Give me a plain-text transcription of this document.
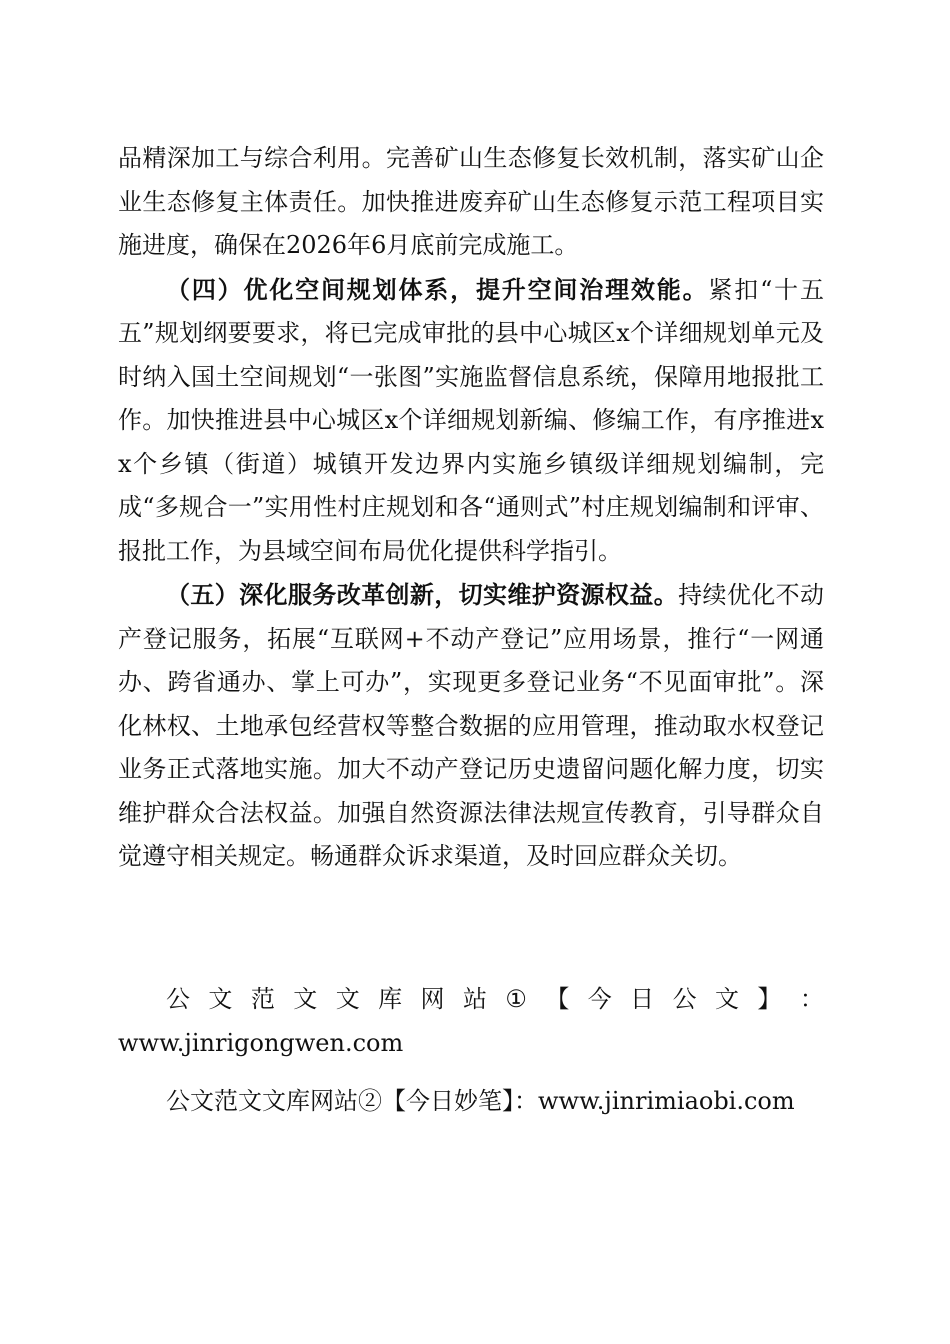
品精深加工与综合利用。完善矿山生态修复长效机制，落实矿山企业生态修复主体责任。加快推进废弃矿山生态修复示范工程项目实施进度，确保在2026年6月底前完成施工。

（四）优化空间规划体系，提升空间治理效能。紧扣“十五五”规划纲要要求，将已完成审批的县中心城区x个详细规划单元及时纳入国土空间规划“一张图”实施监督信息系统，保障用地报批工作。加快推进县中心城区x个详细规划新编、修编工作，有序推进xx个乡镇（街道）城镇开发边界内实施乡镇级详细规划编制，完成“多规合一”实用性村庄规划和各“通则式”村庄规划编制和评审、报批工作，为县域空间布局优化提供科学指引。

（五）深化服务改革创新，切实维护资源权益。持续优化不动产登记服务，拓展“互联网+不动产登记”应用场景，推行“一网通办、跨省通办、掌上可办”，实现更多登记业务“不见面审批”。深化林权、土地承包经营权等整合数据的应用管理，推动取水权登记业务正式落地实施。加大不动产登记历史遗留问题化解力度，切实维护群众合法权益。加强自然资源法律法规宣传教育，引导群众自觉遵守相关规定。畅通群众诉求渠道，及时回应群众关切。

公 文 范 文 文 库 网 站 ① 【 今 日 公 文 】 ：
www.jinrigongwen.com
公文范文文库网站②【今日妙笔】：www.jinrimiaobi.com
